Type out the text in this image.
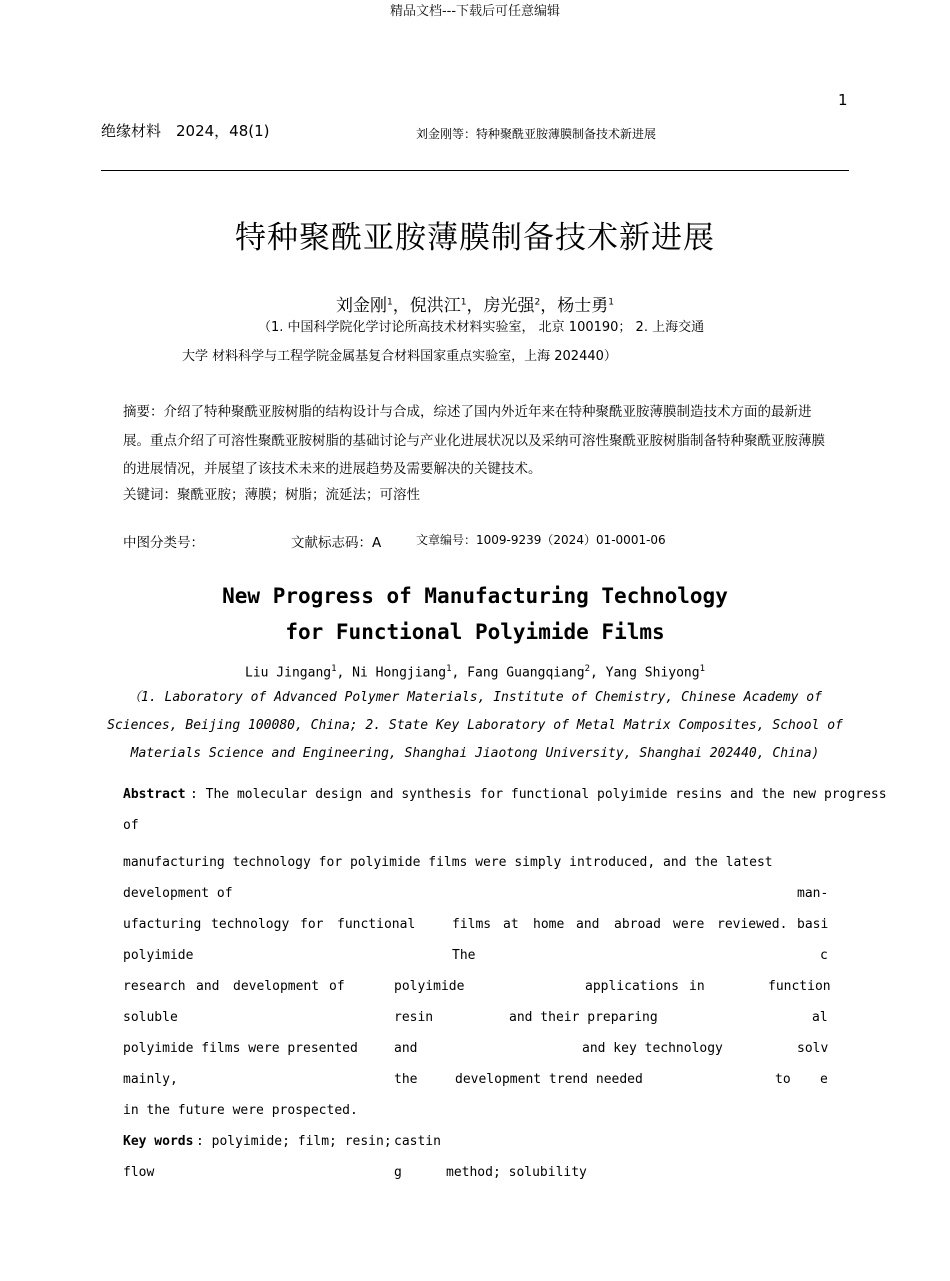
精品文档---下载后可任意编辑
1
绝缘材料　2024，48(1)	刘金刚等：特种聚酰亚胺薄膜制备技术新进展
特种聚酰亚胺薄膜制备技术新进展
刘金刚$^1$，倪洪江$^1$，房光强$^2$，杨士勇$^1$
（1. 中国科学院化学讨论所高技术材料实验室， 北京 100190； 2. 上海交通
大学 材料科学与工程学院金属基复合材料国家重点实验室，上海 202440）
摘要：介绍了特种聚酰亚胺树脂的结构设计与合成，综述了国内外近年来在特种聚酰亚胺薄膜制造技术方面的最新进展。重点介绍了可溶性聚酰亚胺树脂的基础讨论与产业化进展状况以及采纳可溶性聚酰亚胺树脂制备特种聚酰亚胺薄膜的进展情况，并展望了该技术未来的进展趋势及需要解决的关键技术。
关键词：聚酰亚胺；薄膜；树脂；流延法；可溶性
中图分类号：	文献标志码：A	文章编号：1009-9239（2024）01-0001-06
New Progress of Manufacturing Technology
for Functional Polyimide Films
Liu Jingang$^1$, Ni Hongjiang$^1$, Fang Guangqiang$^2$, Yang Shiyong$^1$
（1. Laboratory of Advanced Polymer Materials, Institute of Chemistry, Chinese Academy of
Sciences, Beijing 100080, China; 2. State Key Laboratory of Metal Matrix Composites, School of
Materials Science and Engineering, Shanghai Jiaotong University, Shanghai 202440, China)
Abstract : The molecular design and synthesis for functional polyimide resins and the new progress
of
manufacturing technology for polyimide films were simply introduced, and the latest
development of	man-
ufacturing technology for functional	films at home and abroad were reviewed. basi
polyimide	The	c
research and development of	polyimide	applications in	function
soluble	resin	and their preparing	al
polyimide films were presented	and	and key technology	solv
mainly,	the	development trend needed	to e
in the future were prospected.
Key words : polyimide; film; resin; castin
flow	g	method; solubility
